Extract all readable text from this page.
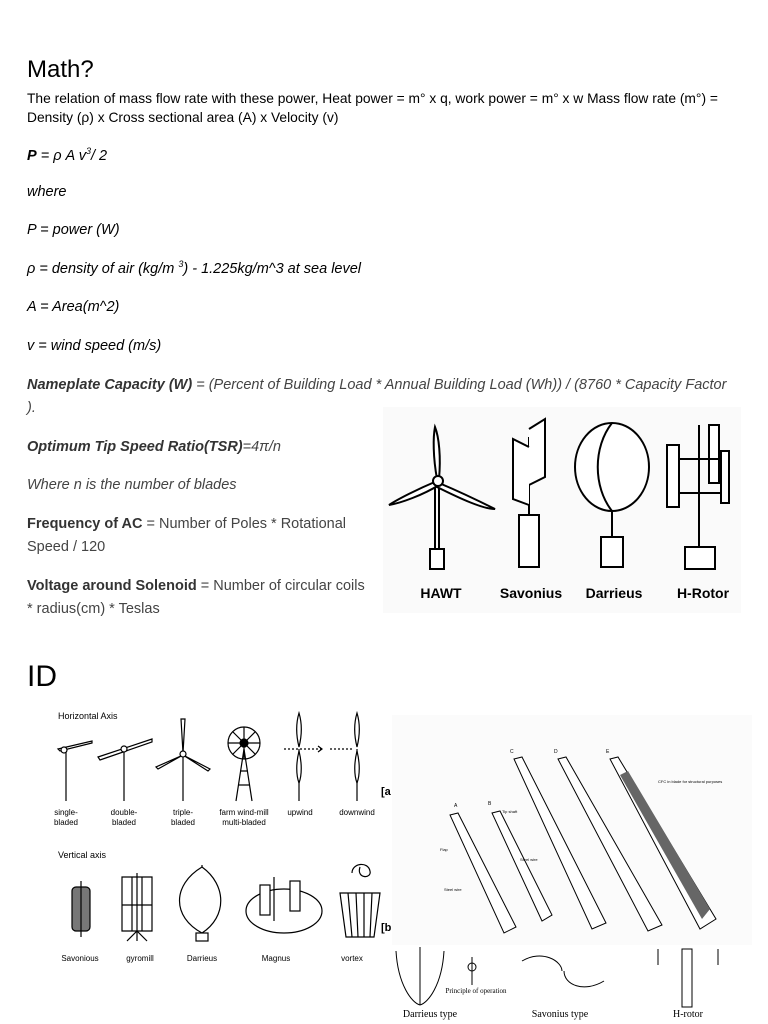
Math?
The relation of mass flow rate with these power, Heat power = m° x q, work power = m° x w Mass flow rate (m°) = Density (ρ) x Cross sectional area (A) x Velocity (v)
P = ρ A $v^3/$ 2
where
P = power (W)
ρ = density of air (kg/m $^3$) - 1.225kg/m^3 at sea level
A = Area(m^2)
v = wind speed (m/s)
Nameplate Capacity (W) = (Percent of Building Load * Annual Building Load (Wh)) / (8760 * Capacity Factor ).
Optimum Tip Speed Ratio(TSR)=4π/n
Where n is the number of blades
Frequency of AC = Number of Poles * Rotational Speed / 120
Voltage around Solenoid = Number of circular coils * radius(cm) * Teslas
HAWT	Savonius Darrieus H-Rotor
ID
Horizontal Axis
Vertical axis
single-
bladed
double-
bladed
triple-
bladed
farm wind-mill
multi-bladed
upwind	downwind
[a
Savonious	gyromill	Darrieus	Magnus	vortex
[b
A	B
C	D	E
Flap
Tip shaft
Steel wire
Steel wire
CFC in blade for structural purposes
Darrieus type
Principle of operation
Savonius type	H-rotor
